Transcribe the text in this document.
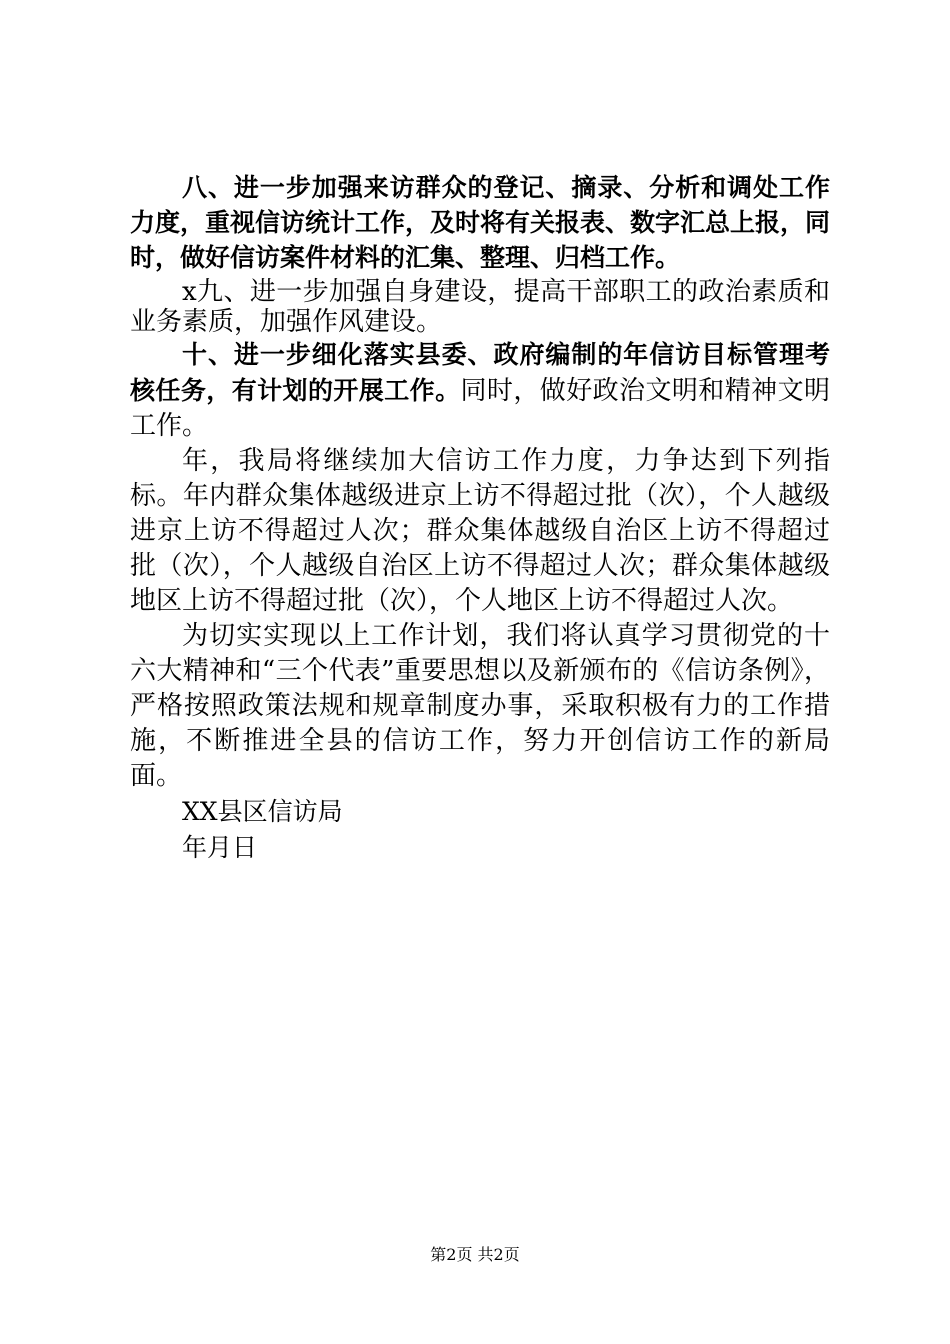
八、进一步加强来访群众的登记、摘录、分析和调处工作力度，重视信访统计工作，及时将有关报表、数字汇总上报，同时，做好信访案件材料的汇集、整理、归档工作。

x九、进一步加强自身建设，提高干部职工的政治素质和业务素质，加强作风建设。

十、进一步细化落实县委、政府编制的年信访目标管理考核任务，有计划的开展工作。同时，做好政治文明和精神文明工作。

年，我局将继续加大信访工作力度，力争达到下列指标。年内群众集体越级进京上访不得超过批（次），个人越级进京上访不得超过人次；群众集体越级自治区上访不得超过批（次），个人越级自治区上访不得超过人次；群众集体越级地区上访不得超过批（次），个人地区上访不得超过人次。

为切实实现以上工作计划，我们将认真学习贯彻党的十六大精神和“三个代表”重要思想以及新颁布的《信访条例》，严格按照政策法规和规章制度办事，采取积极有力的工作措施，不断推进全县的信访工作，努力开创信访工作的新局面。

XX县区信访局

年月日

第2页 共2页
